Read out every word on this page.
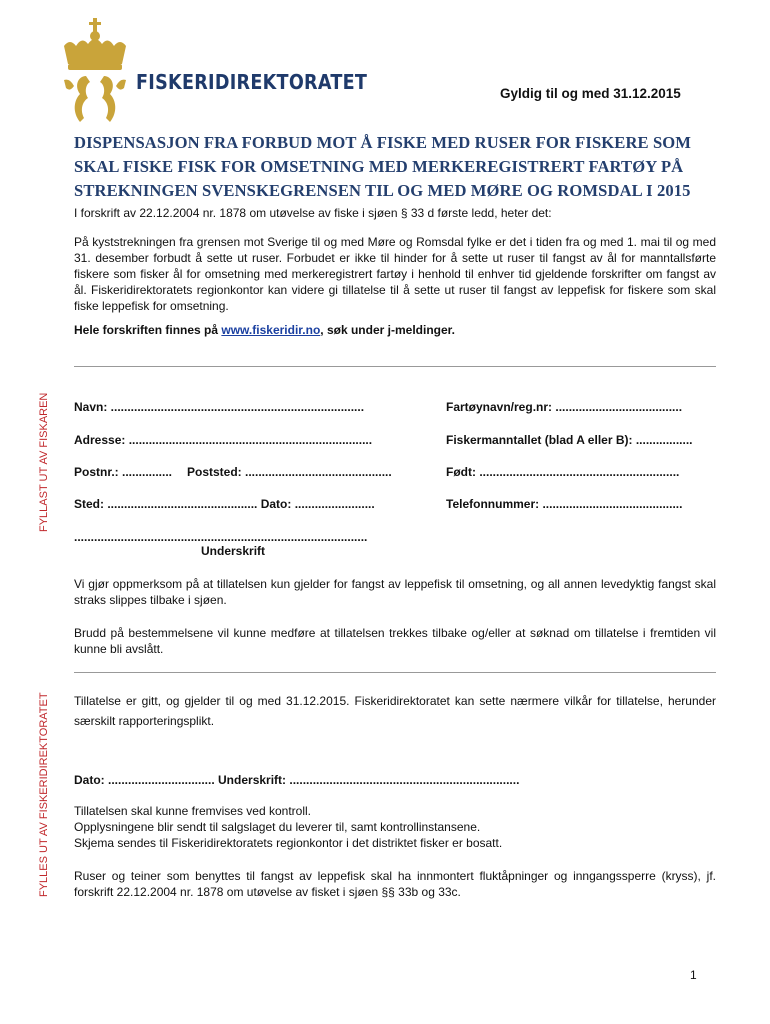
FISKERIDIREKTORATET	Gyldig til og med 31.12.2015
DISPENSASJON FRA FORBUD MOT Å FISKE MED RUSER FOR FISKERE SOM
SKAL FISKE FISK FOR OMSETNING MED MERKEREGISTRERT FARTØY PÅ
STREKNINGEN SVENSKEGRENSEN TIL OG MED MØRE OG ROMSDAL I 2015
I forskrift av 22.12.2004 nr. 1878 om utøvelse av fiske i sjøen § 33 d første ledd, heter det:
På kyststrekningen fra grensen mot Sverige til og med Møre og Romsdal fylke er det i tiden fra og med 1. mai til og med 31. desember forbudt å sette ut ruser. Forbudet er ikke til hinder for å sette ut ruser til fangst av ål for manntallsførte fiskere som fisker ål for omsetning med merkeregistrert fartøy i henhold til enhver tid gjeldende forskrifter om fangst av ål. Fiskeridirektoratets regionkontor kan videre gi tillatelse til å sette ut ruser til fangst av leppefisk for fiskere som skal fiske leppefisk for omsetning.
Hele forskriften finnes på www.fiskeridir.no, søk under j-meldinger.
FYLLAST UT AV FISKAREN Navn: ............................................................................	Fartøynavn/reg.nr: ......................................
Adresse: .........................................................................	Fiskermanntallet (blad A eller B): .................
Postnr.: ............... Poststed: ............................................	Født: ............................................................
Sted: ............................................. Dato: ........................	Telefonnummer: ..........................................
........................................................................................
Underskrift
Vi gjør oppmerksom på at tillatelsen kun gjelder for fangst av leppefisk til omsetning, og all annen levedyktig fangst skal straks slippes tilbake i sjøen.
Brudd på bestemmelsene vil kunne medføre at tillatelsen trekkes tilbake og/eller at søknad om tillatelse i fremtiden vil kunne bli avslått.
FYLLES UT AV FISKERIDIREKTORATET Tillatelse er gitt, og gjelder til og med 31.12.2015. Fiskeridirektoratet kan sette nærmere vilkår for tillatelse, herunder særskilt rapporteringsplikt.
Dato: ................................ Underskrift: .....................................................................
Tillatelsen skal kunne fremvises ved kontroll.
Opplysningene blir sendt til salgslaget du leverer til, samt kontrollinstansene.
Skjema sendes til Fiskeridirektoratets regionkontor i det distriktet fisker er bosatt.
Ruser og teiner som benyttes til fangst av leppefisk skal ha innmontert fluktåpninger og inngangssperre (kryss), jf. forskrift 22.12.2004 nr. 1878 om utøvelse av fisket i sjøen §§ 33b og 33c.
1
